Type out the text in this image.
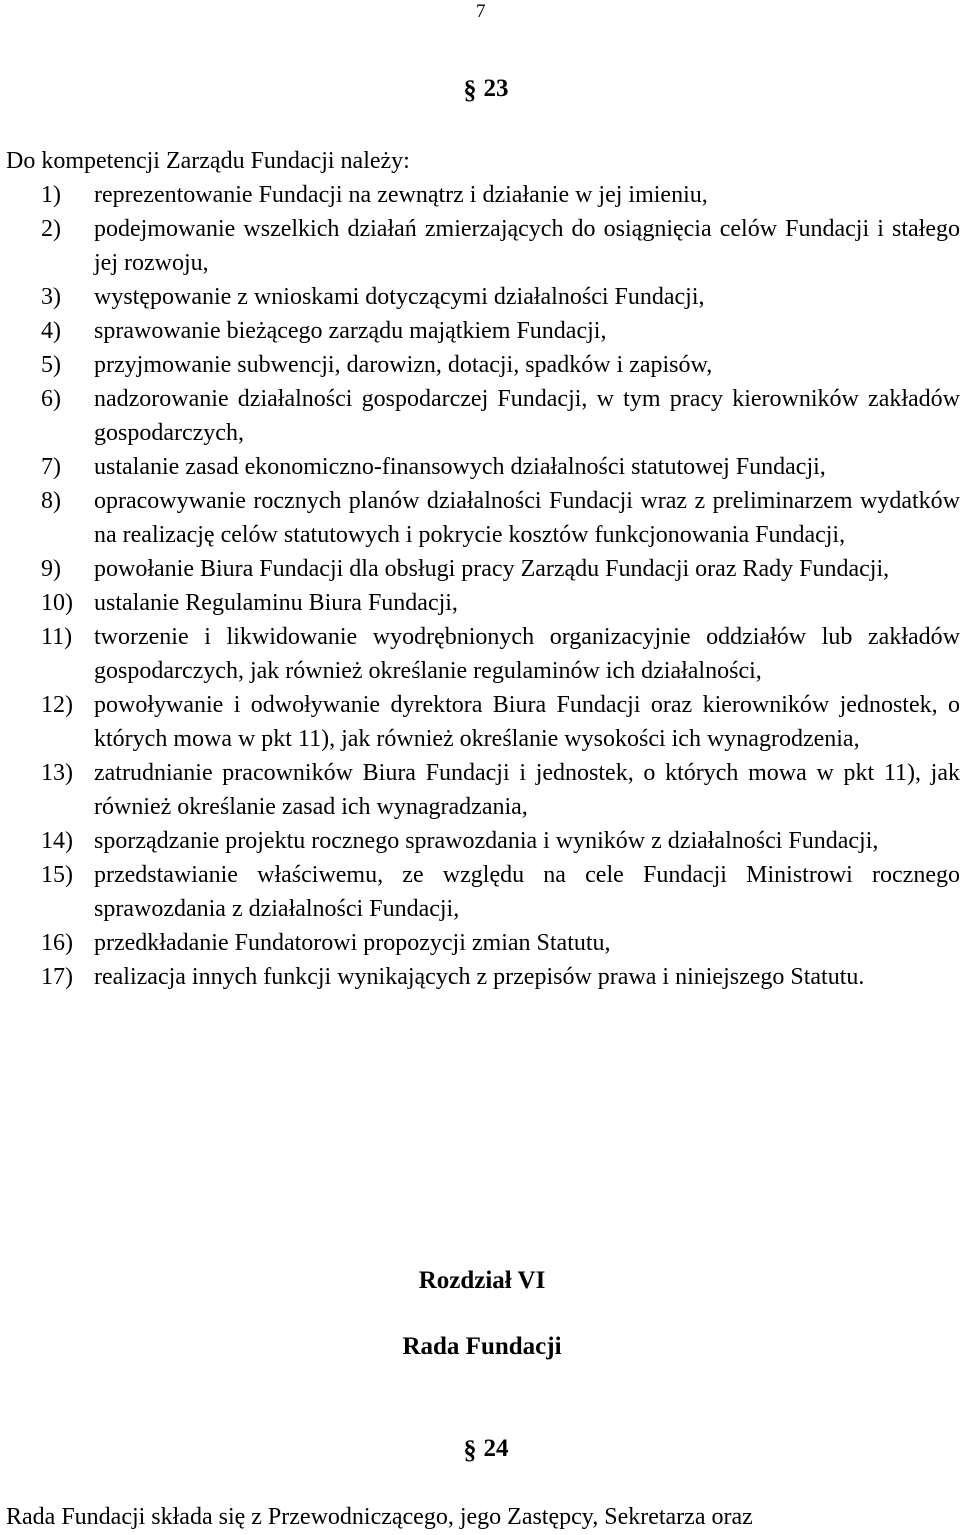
7
§ 23
Do kompetencji Zarządu Fundacji należy:
1) reprezentowanie Fundacji na zewnątrz i działanie w jej imieniu,
2) podejmowanie wszelkich działań zmierzających do osiągnięcia celów Fundacji i stałego jej rozwoju,
3) występowanie z wnioskami dotyczącymi działalności Fundacji,
4) sprawowanie bieżącego zarządu majątkiem Fundacji,
5) przyjmowanie subwencji, darowizn, dotacji, spadków i zapisów,
6) nadzorowanie działalności gospodarczej Fundacji, w tym pracy kierowników zakładów gospodarczych,
7) ustalanie zasad ekonomiczno-finansowych działalności statutowej Fundacji,
8) opracowywanie rocznych planów działalności Fundacji wraz z preliminarzem wydatków na realizację celów statutowych i pokrycie kosztów funkcjonowania Fundacji,
9) powołanie Biura Fundacji dla obsługi pracy Zarządu Fundacji oraz Rady Fundacji,
10) ustalanie Regulaminu Biura Fundacji,
11) tworzenie i likwidowanie wyodrębnionych organizacyjnie oddziałów lub zakładów gospodarczych, jak również określanie regulaminów ich działalności,
12) powoływanie i odwoływanie dyrektora Biura Fundacji oraz kierowników jednostek, o których mowa w pkt 11), jak również określanie wysokości ich wynagrodzenia,
13) zatrudnianie pracowników Biura Fundacji i jednostek, o których mowa w pkt 11), jak również określanie zasad ich wynagradzania,
14) sporządzanie projektu rocznego sprawozdania i wyników z działalności Fundacji,
15) przedstawianie właściwemu, ze względu na cele Fundacji Ministrowi rocznego sprawozdania z działalności Fundacji,
16) przedkładanie Fundatorowi propozycji zmian Statutu,
17) realizacja innych funkcji wynikających z przepisów prawa i niniejszego Statutu.
Rozdział VI
Rada Fundacji
§ 24
Rada Fundacji składa się z Przewodniczącego, jego Zastępcy, Sekretarza oraz
